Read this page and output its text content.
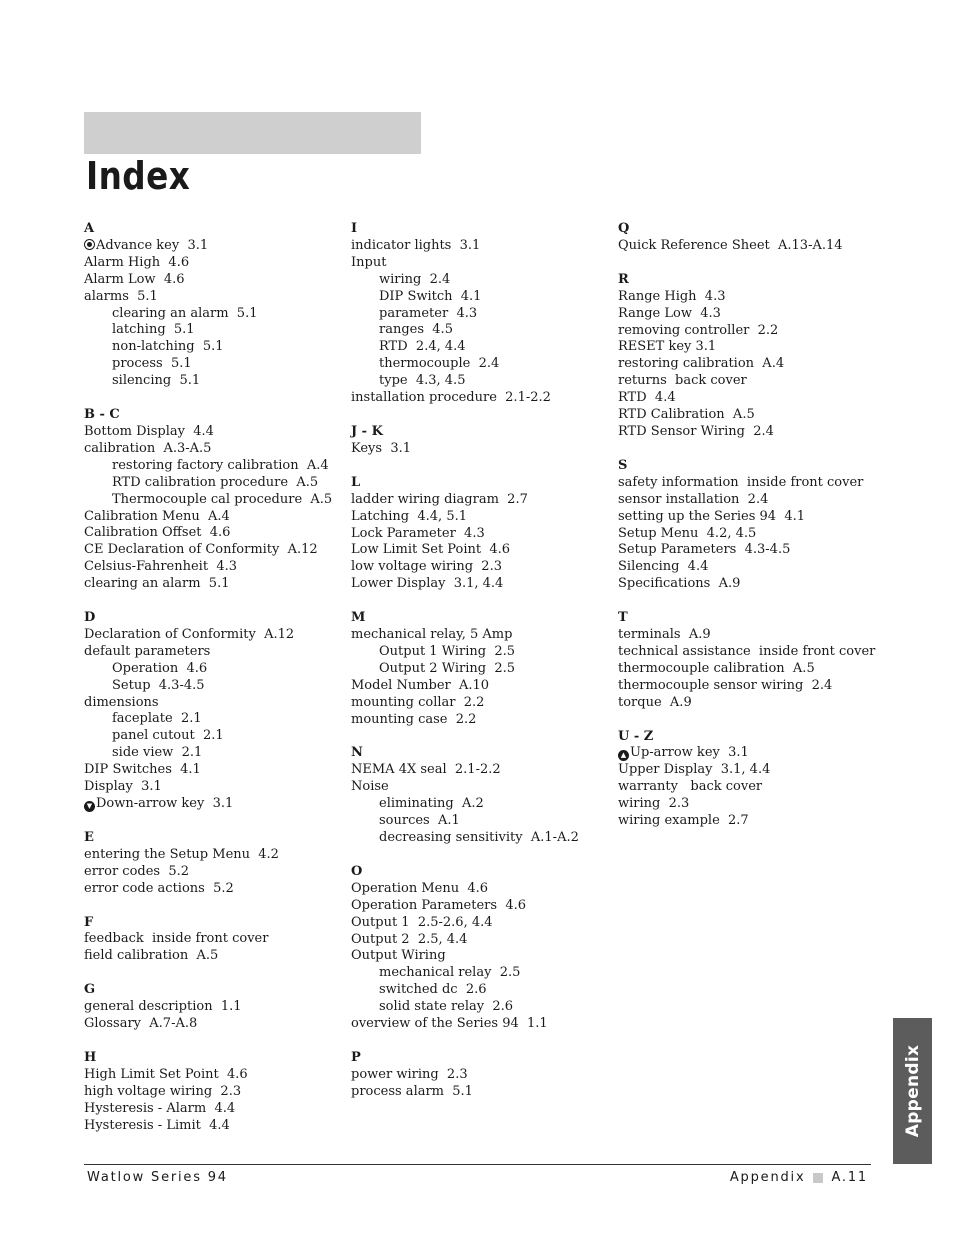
Index
A
Advance key  3.1
Alarm High  4.6
Alarm Low  4.6
alarms  5.1
clearing an alarm  5.1
latching  5.1
non-latching  5.1
process  5.1
silencing  5.1
B - C
Bottom Display  4.4
calibration  A.3-A.5
restoring factory calibration  A.4
RTD calibration procedure  A.5
Thermocouple cal procedure  A.5
Calibration Menu  A.4
Calibration Offset  4.6
CE Declaration of Conformity  A.12
Celsius-Fahrenheit  4.3
clearing an alarm  5.1
D
Declaration of Conformity  A.12
default parameters
Operation  4.6
Setup  4.3-4.5
dimensions
faceplate  2.1
panel cutout  2.1
side view  2.1
DIP Switches  4.1
Display  3.1
▼ Down-arrow key  3.1
E
entering the Setup Menu  4.2
error codes  5.2
error code actions  5.2
F
feedback  inside front cover
field calibration  A.5
G
general description  1.1
Glossary  A.7-A.8
H
High Limit Set Point  4.6
high voltage wiring  2.3
Hysteresis - Alarm  4.4
Hysteresis - Limit  4.4
I
indicator lights  3.1
Input
wiring  2.4
DIP Switch  4.1
parameter  4.3
ranges  4.5
RTD  2.4, 4.4
thermocouple  2.4
type  4.3, 4.5
installation procedure  2.1-2.2
J - K
Keys  3.1
L
ladder wiring diagram  2.7
Latching  4.4, 5.1
Lock Parameter  4.3
Low Limit Set Point  4.6
low voltage wiring  2.3
Lower Display  3.1, 4.4
M
mechanical relay, 5 Amp
Output 1 Wiring  2.5
Output 2 Wiring  2.5
Model Number  A.10
mounting collar  2.2
mounting case  2.2
N
NEMA 4X seal  2.1-2.2
Noise
eliminating  A.2
sources  A.1
decreasing sensitivity  A.1-A.2
O
Operation Menu  4.6
Operation Parameters  4.6
Output 1  2.5-2.6, 4.4
Output 2  2.5, 4.4
Output Wiring
mechanical relay  2.5
switched dc  2.6
solid state relay  2.6
overview of the Series 94  1.1
P
power wiring  2.3
process alarm  5.1
Q
Quick Reference Sheet  A.13-A.14
R
Range High  4.3
Range Low  4.3
removing controller  2.2
RESET key 3.1
restoring calibration  A.4
returns  back cover
RTD  4.4
RTD Calibration  A.5
RTD Sensor Wiring  2.4
S
safety information  inside front cover
sensor installation  2.4
setting up the Series 94  4.1
Setup Menu  4.2, 4.5
Setup Parameters  4.3-4.5
Silencing  4.4
Specifications  A.9
T
terminals  A.9
technical assistance  inside front cover
thermocouple calibration  A.5
thermocouple sensor wiring  2.4
torque  A.9
U - Z
▲ Up-arrow key  3.1
Upper Display  3.1, 4.4
warranty   back cover
wiring  2.3
wiring example  2.7
Watlow Series 94	Appendix A.11
Appendix
